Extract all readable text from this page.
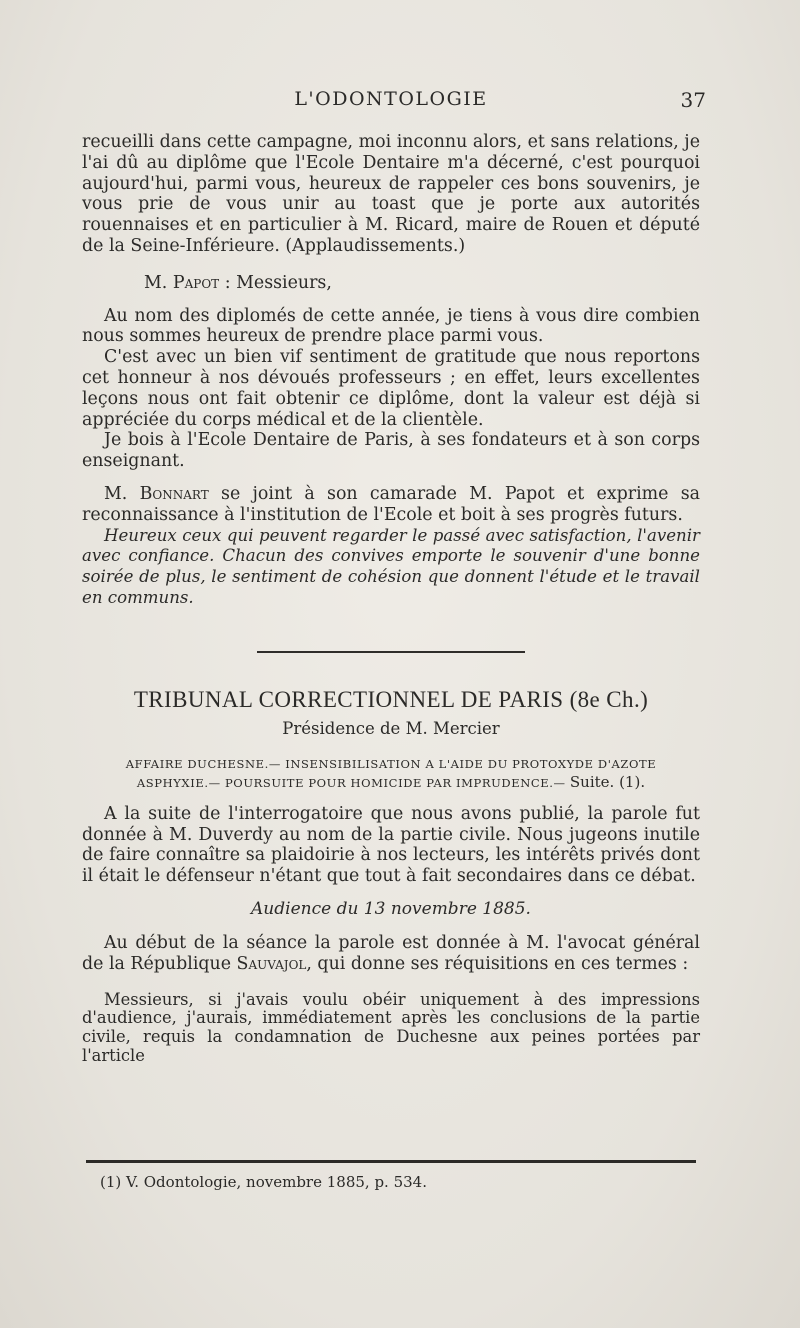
L'ODONTOLOGIE	37

recueilli dans cette campagne, moi inconnu alors, et sans relations, je l'ai dû au diplôme que l'Ecole Dentaire m'a décerné, c'est pourquoi aujourd'hui, parmi vous, heureux de rappeler ces bons souvenirs, je vous prie de vous unir au toast que je porte aux autorités rouennaises et en particulier à M. Ricard, maire de Rouen et député de la Seine-Inférieure. (Applaudissements.)

M. Papot : Messieurs,

Au nom des diplomés de cette année, je tiens à vous dire combien nous sommes heureux de prendre place parmi vous.

C'est avec un bien vif sentiment de gratitude que nous reportons cet honneur à nos dévoués professeurs ; en effet, leurs excellentes leçons nous ont fait obtenir ce diplôme, dont la valeur est déjà si appréciée du corps médical et de la clientèle.

Je bois à l'Ecole Dentaire de Paris, à ses fondateurs et à son corps enseignant.

M. Bonnart se joint à son camarade M. Papot et exprime sa reconnaissance à l'institution de l'Ecole et boit à ses progrès futurs.

Heureux ceux qui peuvent regarder le passé avec satisfaction, l'avenir avec confiance. Chacun des convives emporte le souvenir d'une bonne soirée de plus, le sentiment de cohésion que donnent l'étude et le travail en communs.

TRIBUNAL CORRECTIONNEL DE PARIS (8e Ch.)
Présidence de M. Mercier
AFFAIRE DUCHESNE.— INSENSIBILISATION A L'AIDE DU PROTOXYDE D'AZOTE
ASPHYXIE.— POURSUITE POUR HOMICIDE PAR IMPRUDENCE.— Suite. (1).

A la suite de l'interrogatoire que nous avons publié, la parole fut donnée à M. Duverdy au nom de la partie civile. Nous jugeons inutile de faire connaître sa plaidoirie à nos lecteurs, les intérêts privés dont il était le défenseur n'étant que tout à fait secondaires dans ce débat.

Audience du 13 novembre 1885.

Au début de la séance la parole est donnée à M. l'avocat général de la République Sauvajol, qui donne ses réquisitions en ces termes :

Messieurs, si j'avais voulu obéir uniquement à des impressions d'audience, j'aurais, immédiatement après les conclusions de la partie civile, requis la condamnation de Duchesne aux peines portées par l'article

(1) V. Odontologie, novembre 1885, p. 534.
